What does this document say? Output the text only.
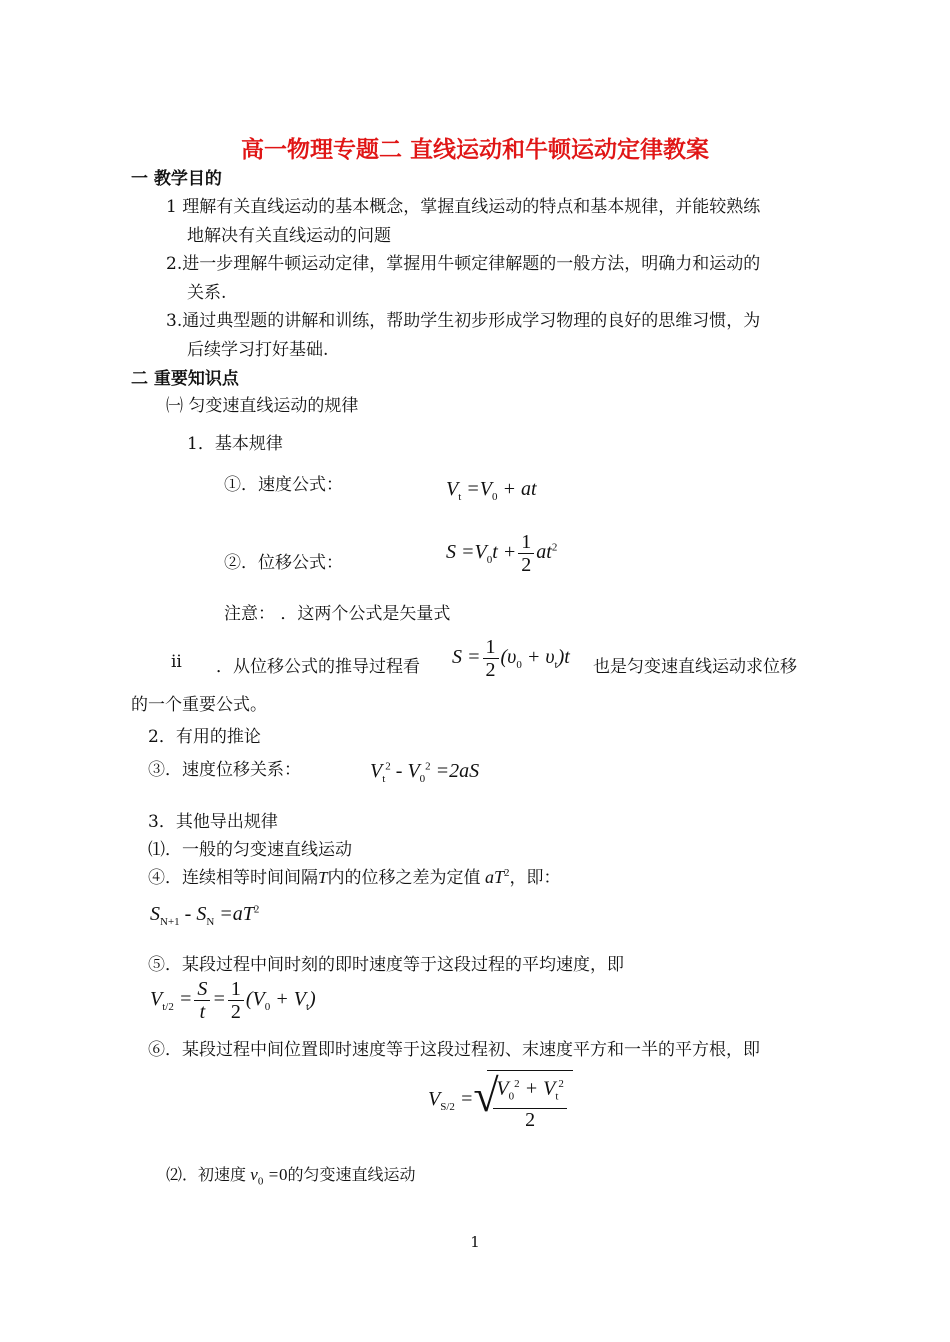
高一物理专题二 直线运动和牛顿运动定律教案
一 教学目的
1 理解有关直线运动的基本概念，掌握直线运动的特点和基本规律，并能较熟练
地解决有关直线运动的问题
2.进一步理解牛顿运动定律，掌握用牛顿定律解题的一般方法，明确力和运动的
关系.
3.通过典型题的讲解和训练，帮助学生初步形成学习物理的良好的思维习惯，为
后续学习打好基础.
二 重要知识点
㈠ 匀变速直线运动的规律
1．基本规律
①．速度公式：	$V_t =V_0$ + at
②．位移公式：	$S =V_0t + \frac{1}{2} at^2$
注意： ．这两个公式是矢量式
ii ．从位移公式的推导过程看 $S = \frac{1}{2} (\upsilon_0 + \upsilon_t)t$ 也是匀变速直线运动求位移
的一个重要公式。
2．有用的推论
③．速度位移关系：	$V_t^2 - V_0^2 =2aS$
3．其他导出规律
⑴．一般的匀变速直线运动
④．连续相等时间间隔T内的位移之差为定值 $aT^2$，即：
$S_{N+1} - S_N =aT^2$
⑤．某段过程中间时刻的即时速度等于这段过程的平均速度，即
$V_{t/2} = \frac{S}{t} = \frac{1}{2} (V_0 + V_t)$
⑥．某段过程中间位置即时速度等于这段过程初、末速度平方和一半的平方根，即
$V_{S/2}$ = √
$\frac{V_0^2 + V_t^2}{2}$
⑵．初速度 $v_0 =0$的匀变速直线运动
1
